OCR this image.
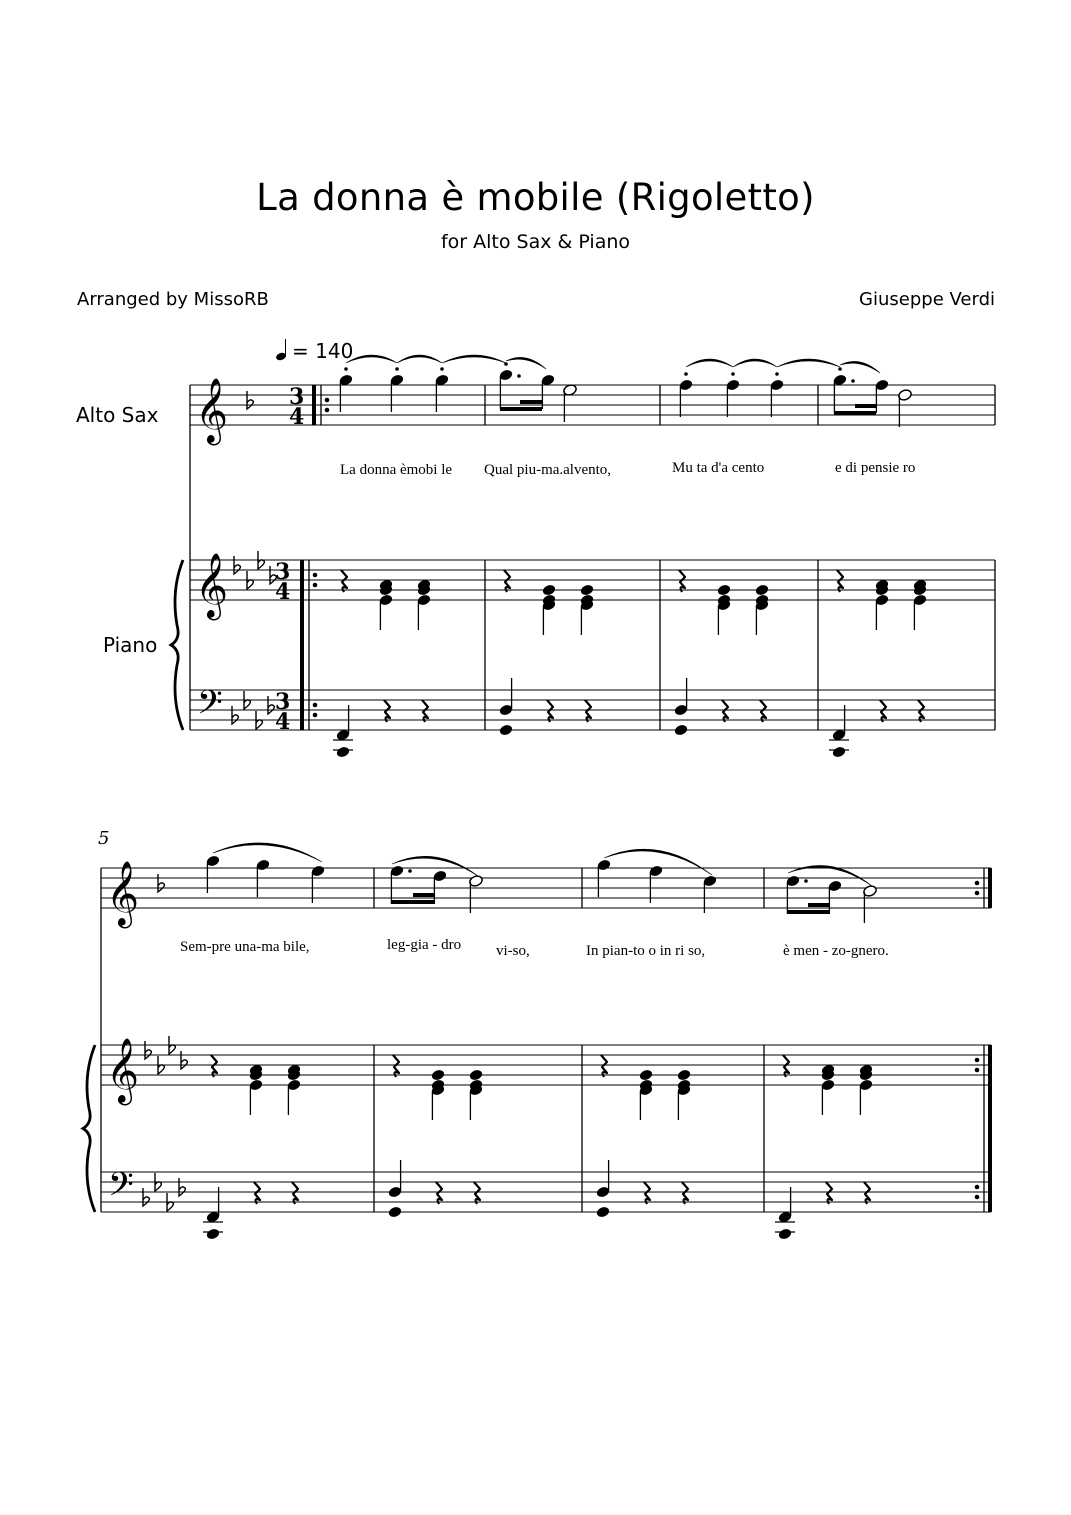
La donna è mobile (Rigoletto)
for Alto Sax & Piano
Arranged by MissoRB	Giuseppe Verdi
Alto Sax
Piano
= 140
5
𝄞	3
4
𝄞 3
4
𝄢 3
4
𝄞
𝄞
𝄢
La donna èmobi le Qual piu-ma.alvento,	Mu ta d'a cento	e di pensie ro
Sem-pre una-ma bile,	leg-gia - dro vi-so,	In pian-to o in ri so,	è men - zo-gnero.
